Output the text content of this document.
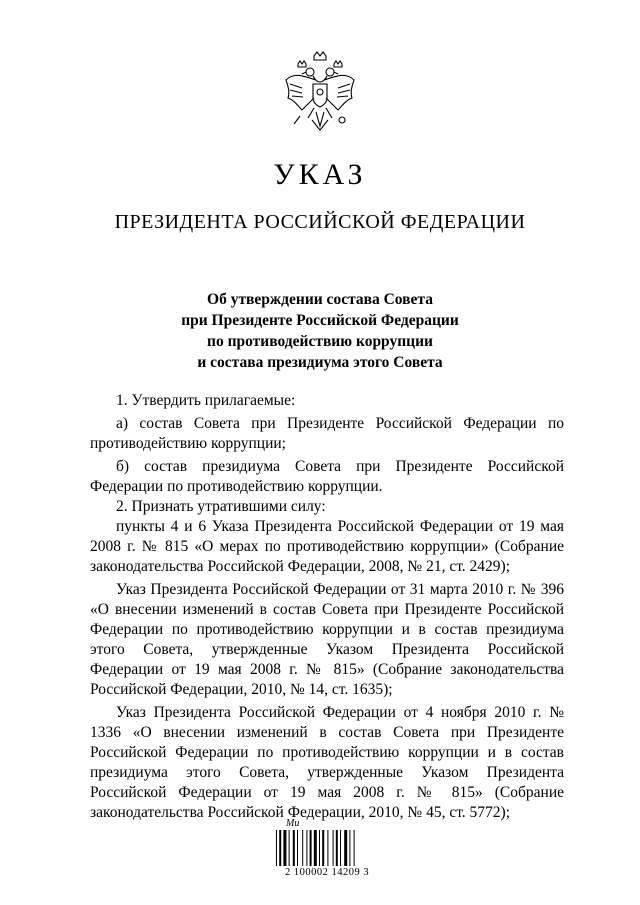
УКАЗ
ПРЕЗИДЕНТА РОССИЙСКОЙ ФЕДЕРАЦИИ
Об утверждении состава Совета
при Президенте Российской Федерации
по противодействию коррупции
и состава президиума этого Совета

1. Утвердить прилагаемые:

а) состав Совета при Президенте Российской Федерации по противодействию коррупции;

б) состав президиума Совета при Президенте Российской Федерации по противодействию коррупции.

2. Признать утратившими силу:

пункты 4 и 6 Указа Президента Российской Федерации от 19 мая 2008 г. № 815 «О мерах по противодействию коррупции» (Собрание законодательства Российской Федерации, 2008, № 21, ст. 2429);

Указ Президента Российской Федерации от 31 марта 2010 г. № 396 «О внесении изменений в состав Совета при Президенте Российской Федерации по противодействию коррупции и в состав президиума этого Совета, утвержденные Указом Президента Российской Федерации от 19 мая 2008 г. № 815» (Собрание законодательства Российской Федерации, 2010, № 14, ст. 1635);

Указ Президента Российской Федерации от 4 ноября 2010 г. № 1336 «О внесении изменений в состав Совета при Президенте Российской Федерации по противодействию коррупции и в состав президиума этого Совета, утвержденные Указом Президента Российской Федерации от 19 мая 2008 г. № 815» (Собрание законодательства Российской Федерации, 2010, № 45, ст. 5772);

Ми
2 100002 14209 3
